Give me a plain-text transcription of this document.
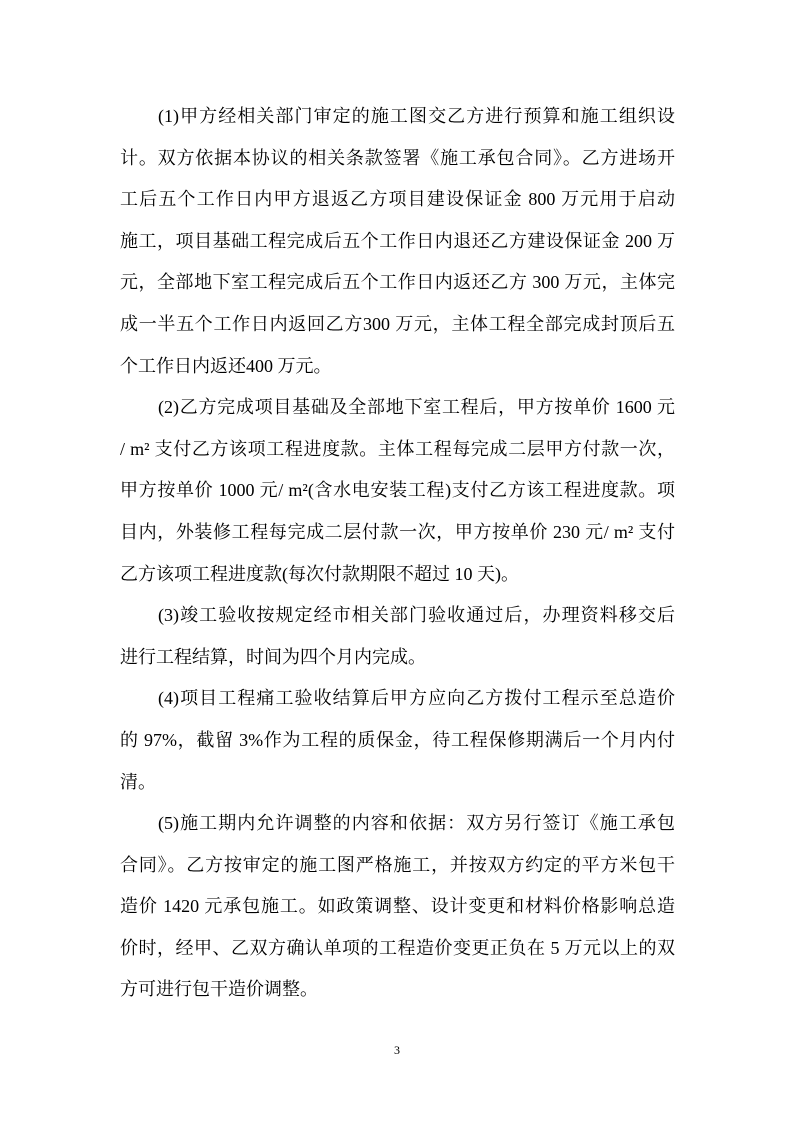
(1)甲方经相关部门审定的施工图交乙方进行预算和施工组织设
计。双方依据本协议的相关条款签署《施工承包合同》。乙方进场开
工后五个工作日内甲方退返乙方项目建设保证金 800 万元用于启动
施工，项目基础工程完成后五个工作日内退还乙方建设保证金 200 万
元，全部地下室工程完成后五个工作日内返还乙方 300 万元，主体完
成一半五个工作日内返回乙方300 万元，主体工程全部完成封顶后五
个工作日内返还400 万元。
(2)乙方完成项目基础及全部地下室工程后，甲方按单价 1600 元
/ m² 支付乙方该项工程进度款。主体工程每完成二层甲方付款一次，
甲方按单价 1000 元/ m²(含水电安装工程)支付乙方该工程进度款。项
目内，外装修工程每完成二层付款一次，甲方按单价 230 元/ m² 支付
乙方该项工程进度款(每次付款期限不超过 10 天)。
(3)竣工验收按规定经市相关部门验收通过后，办理资料移交后
进行工程结算，时间为四个月内完成。
(4)项目工程痛工验收结算后甲方应向乙方拨付工程示至总造价
的 97%，截留 3%作为工程的质保金，待工程保修期满后一个月内付
清。
(5)施工期内允许调整的内容和依据：双方另行签订《施工承包
合同》。乙方按审定的施工图严格施工，并按双方约定的平方米包干
造价 1420 元承包施工。如政策调整、设计变更和材料价格影响总造
价时，经甲、乙双方确认单项的工程造价变更正负在 5 万元以上的双
方可进行包干造价调整。
3
